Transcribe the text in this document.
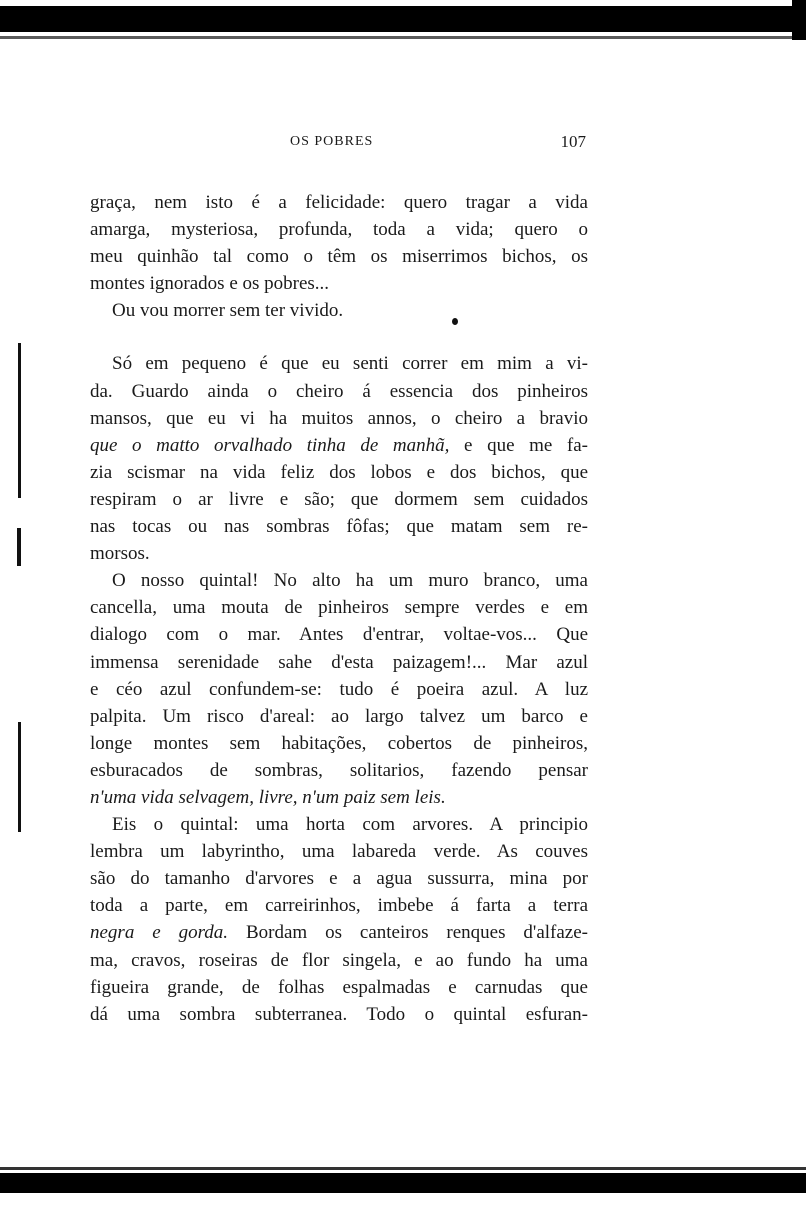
OS POBRES	107
graça, nem isto é a felicidade: quero tragar a vida
amarga, mysteriosa, profunda, toda a vida; quero o
meu quinhão tal como o têm os miserrimos bichos, os
montes ignorados e os pobres...
Ou vou morrer sem ter vivido.
Só em pequeno é que eu senti correr em mim a vi-
da. Guardo ainda o cheiro á essencia dos pinheiros
mansos, que eu vi ha muitos annos, o cheiro a bravio
que o matto orvalhado tinha de manhã, e que me fa-
zia scismar na vida feliz dos lobos e dos bichos, que
respiram o ar livre e são; que dormem sem cuidados
nas tocas ou nas sombras fôfas; que matam sem re-
morsos.
O nosso quintal! No alto ha um muro branco, uma
cancella, uma mouta de pinheiros sempre verdes e em
dialogo com o mar. Antes d'entrar, voltae-vos... Que
immensa serenidade sahe d'esta paizagem!... Mar azul
e céo azul confundem-se: tudo é poeira azul. A luz
palpita. Um risco d'areal: ao largo talvez um barco e
longe montes sem habitações, cobertos de pinheiros,
esburacados de sombras, solitarios, fazendo pensar
n'uma vida selvagem, livre, n'um paiz sem leis.
Eis o quintal: uma horta com arvores. A principio
lembra um labyrintho, uma labareda verde. As couves
são do tamanho d'arvores e a agua sussurra, mina por
toda a parte, em carreirinhos, imbebe á farta a terra
negra e gorda. Bordam os canteiros renques d'alfaze-
ma, cravos, roseiras de flor singela, e ao fundo ha uma
figueira grande, de folhas espalmadas e carnudas que
dá uma sombra subterranea. Todo o quintal esfuran-
